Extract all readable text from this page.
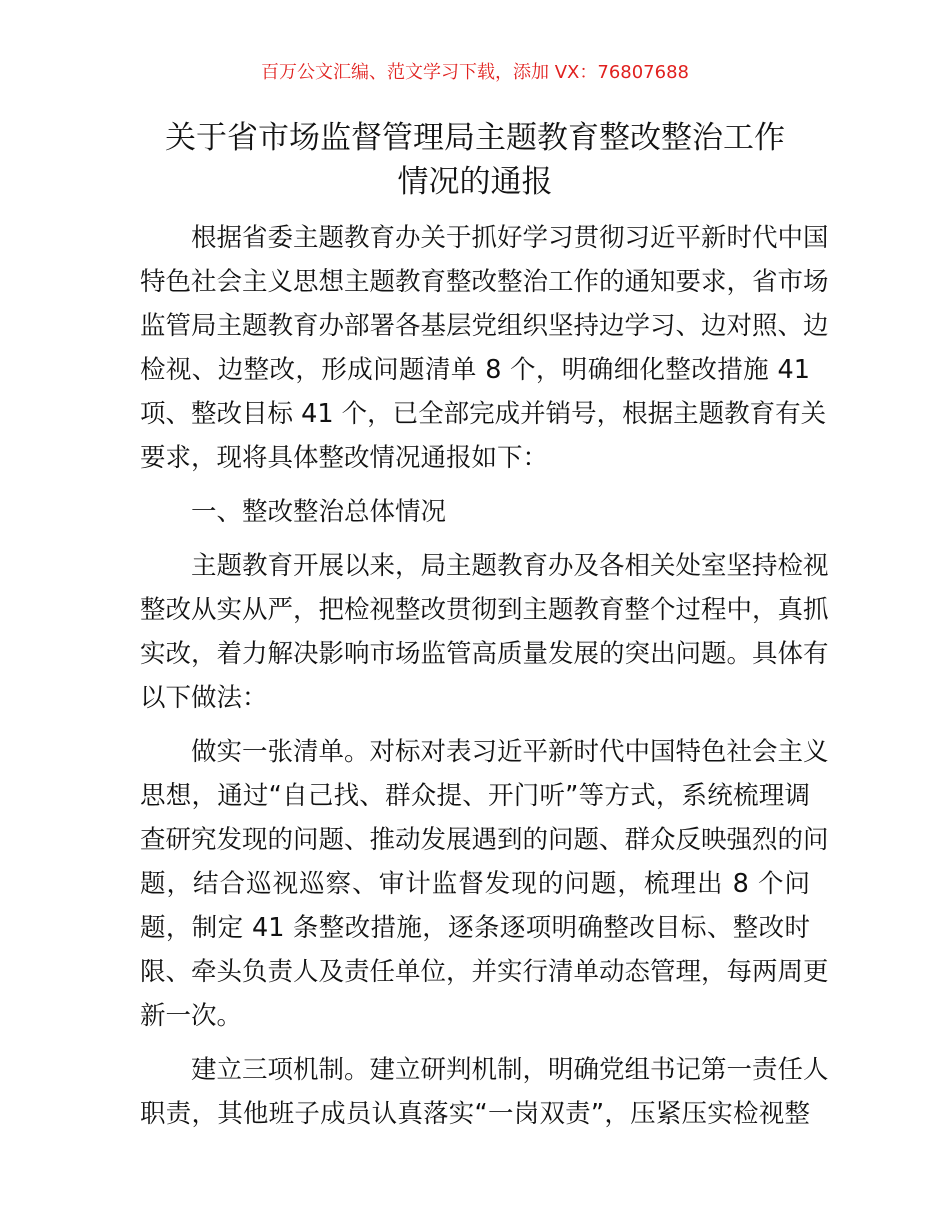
百万公文汇编、范文学习下载，添加 VX：76807688
关于省市场监督管理局主题教育整改整治工作
情况的通报
根据省委主题教育办关于抓好学习贯彻习近平新时代中国
特色社会主义思想主题教育整改整治工作的通知要求，省市场
监管局主题教育办部署各基层党组织坚持边学习、边对照、边
检视、边整改，形成问题清单 8 个，明确细化整改措施 41
项、整改目标 41 个，已全部完成并销号，根据主题教育有关
要求，现将具体整改情况通报如下：
一、整改整治总体情况
主题教育开展以来，局主题教育办及各相关处室坚持检视
整改从实从严，把检视整改贯彻到主题教育整个过程中，真抓
实改，着力解决影响市场监管高质量发展的突出问题。具体有
以下做法：
做实一张清单。对标对表习近平新时代中国特色社会主义
思想，通过“自己找、群众提、开门听”等方式，系统梳理调
查研究发现的问题、推动发展遇到的问题、群众反映强烈的问
题，结合巡视巡察、审计监督发现的问题，梳理出 8 个问
题，制定 41 条整改措施，逐条逐项明确整改目标、整改时
限、牵头负责人及责任单位，并实行清单动态管理，每两周更
新一次。
建立三项机制。建立研判机制，明确党组书记第一责任人
职责，其他班子成员认真落实“一岗双责”，压紧压实检视整
